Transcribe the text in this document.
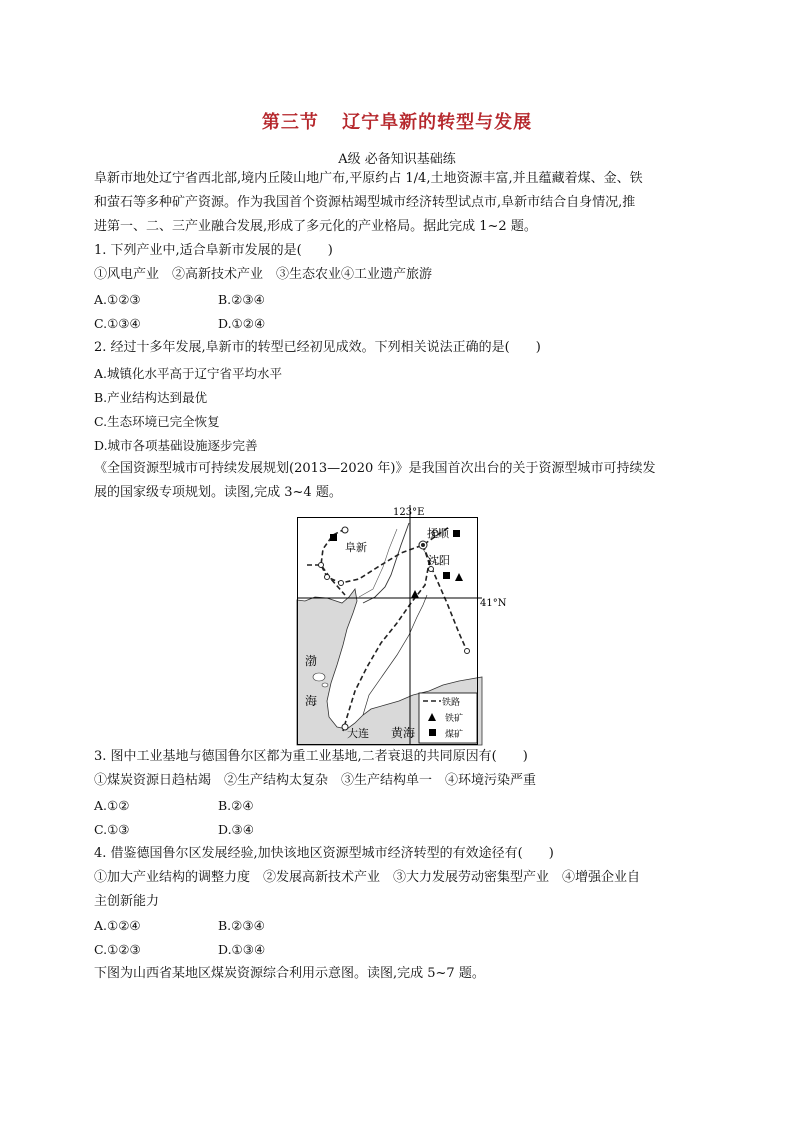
第三节 辽宁阜新的转型与发展
A级 必备知识基础练
阜新市地处辽宁省西北部,境内丘陵山地广布,平原约占 1/4,土地资源丰富,并且蕴藏着煤、金、铁
和萤石等多种矿产资源。作为我国首个资源枯竭型城市经济转型试点市,阜新市结合自身情况,推
进第一、二、三产业融合发展,形成了多元化的产业格局。据此完成 1~2 题。
1. 下列产业中,适合阜新市发展的是(　　)
①风电产业　②高新技术产业　③生态农业④工业遗产旅游
A.①②③	B.②③④
C.①③④	D.①②④
2. 经过十多年发展,阜新市的转型已经初见成效。下列相关说法正确的是(　　)
A.城镇化水平高于辽宁省平均水平
B.产业结构达到最优
C.生态环境已完全恢复
D.城市各项基础设施逐步完善
《全国资源型城市可持续发展规划(2013—2020 年)》是我国首次出台的关于资源型城市可持续发
展的国家级专项规划。读图,完成 3~4 题。
123°E
41°N
阜新
抚顺
沈阳
大连
渤
海
黄海
铁路
铁矿
煤矿
3. 图中工业基地与德国鲁尔区都为重工业基地,二者衰退的共同原因有(　　)
①煤炭资源日趋枯竭　②生产结构太复杂　③生产结构单一　④环境污染严重
A.①②	B.②④
C.①③	D.③④
4. 借鉴德国鲁尔区发展经验,加快该地区资源型城市经济转型的有效途径有(　　)
①加大产业结构的调整力度　②发展高新技术产业　③大力发展劳动密集型产业　④增强企业自
主创新能力
A.①②④	B.②③④
C.①②③	D.①③④
下图为山西省某地区煤炭资源综合利用示意图。读图,完成 5~7 题。
